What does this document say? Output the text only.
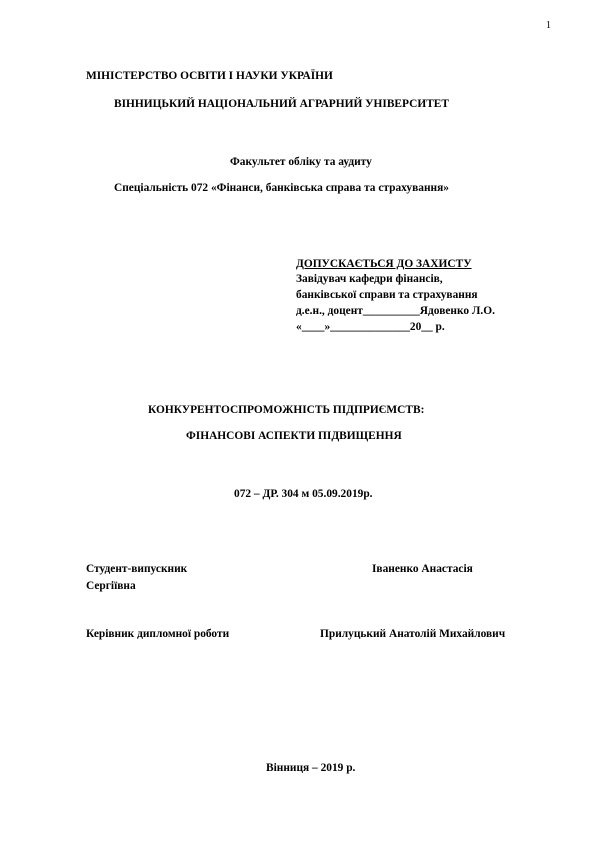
1
МІНІСТЕРСТВО ОСВІТИ І НАУКИ УКРАЇНИ
ВІННИЦЬКИЙ НАЦІОНАЛЬНИЙ АГРАРНИЙ УНІВЕРСИТЕТ
Факультет обліку та аудиту
Спеціальність 072 «Фінанси, банківська справа та страхування»
ДОПУСКАЄТЬСЯ ДО ЗАХИСТУ
Завідувач кафедри фінансів,
банківської справи та страхування
д.е.н., доцент__________Ядовенко Л.О.
«____»______________20__ р.
КОНКУРЕНТОСПРОМОЖНІСТЬ ПІДПРИЄМСТВ:
ФІНАНСОВІ АСПЕКТИ ПІДВИЩЕННЯ
072 – ДР. 304 м 05.09.2019р.
Студент-випускник	Іваненко Анастасія
Сергіївна
Керівник дипломної роботи	Прилуцький Анатолій Михайлович
Вінниця – 2019 р.
